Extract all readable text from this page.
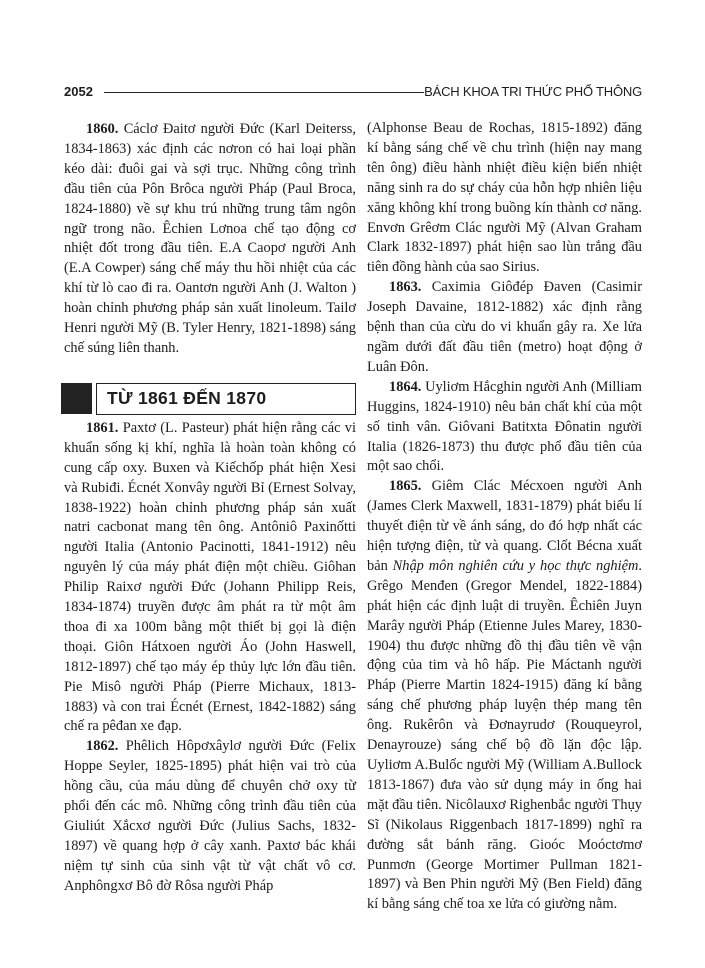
2052	BÁCH KHOA TRI THỨC PHỔ THÔNG

1860. Cáclơ Đaitơ người Đức (Karl Deiterss, 1834-1863) xác định các nơron có hai loại phần kéo dài: đuôi gai và sợi trục. Những công trình đầu tiên của Pôn Brôca người Pháp (Paul Broca, 1824-1880) về sự khu trú những trung tâm ngôn ngữ trong não. Êchien Lơnoa chế tạo động cơ nhiệt đốt trong đầu tiên. E.A Caopơ người Anh (E.A Cowper) sáng chế máy thu hồi nhiệt của các khí từ lò cao đi ra. Oantơn người Anh (J. Walton ) hoàn chỉnh phương pháp sản xuất linoleum. Tailơ Henri người Mỹ (B. Tyler Henry, 1821-1898) sáng chế súng liên thanh.

TỪ 1861 ĐẾN 1870

1861. Paxtơ (L. Pasteur) phát hiện rằng các vi khuẩn sống kị khí, nghĩa là hoàn toàn không có cung cấp oxy. Buxen và Kiếchốp phát hiện Xesi và Rubiđi. Écnét Xonvây người Bỉ (Ernest Solvay, 1838-1922) hoàn chỉnh phương pháp sản xuất natri cacbonat mang tên ông. Antôniô Paxinốtti người Italia (Antonio Pacinotti, 1841-1912) nêu nguyên lý của máy phát điện một chiều. Giôhan Philip Raixơ người Đức (Johann Philipp Reis, 1834-1874) truyền được âm phát ra từ một âm thoa đi xa 100m bằng một thiết bị gọi là điện thoại. Giôn Hátxoen người Áo (John Haswell, 1812-1897) chế tạo máy ép thủy lực lớn đầu tiên. Pie Misô người Pháp (Pierre Michaux, 1813-1883) và con trai Écnét (Ernest, 1842-1882) sáng chế ra pêđan xe đạp.

1862. Phêlich Hôpơxâylơ người Đức (Felix Hoppe Seyler, 1825-1895) phát hiện vai trò của hồng cầu, của máu dùng để chuyên chở oxy từ phổi đến các mô. Những công trình đầu tiên của Giuliút Xắcxơ người Đức (Julius Sachs, 1832-1897) về quang hợp ở cây xanh. Paxtơ bác khái niệm tự sinh của sinh vật từ vật chất vô cơ. Anphôngxơ Bô đờ Rôsa người Pháp

(Alphonse Beau de Rochas, 1815-1892) đăng kí bằng sáng chế về chu trình (hiện nay mang tên ông) điều hành nhiệt điều kiện biến nhiệt năng sinh ra do sự cháy của hỗn hợp nhiên liệu xăng không khí trong buồng kín thành cơ năng. Envơn Grêơm Clác người Mỹ (Alvan Graham Clark 1832-1897) phát hiện sao lùn trắng đầu tiên đồng hành của sao Sirius.

1863. Caximia Giôđép Đaven (Casimir Joseph Davaine, 1812-1882) xác định rằng bệnh than của cừu do vi khuẩn gây ra. Xe lửa ngầm dưới đất đầu tiên (metro) hoạt động ở Luân Đôn.

1864. Uyliơm Hắcghin người Anh (Milliam Huggins, 1824-1910) nêu bản chất khí của một số tinh vân. Giôvani Batitxta Đônatin người Italia (1826-1873) thu được phổ đầu tiên của một sao chổi.

1865. Giêm Clác Mécxoen người Anh (James Clerk Maxwell, 1831-1879) phát biểu lí thuyết điện từ về ánh sáng, do đó hợp nhất các hiện tượng điện, từ và quang. Clốt Bécna xuất bản Nhập môn nghiên cứu y học thực nghiệm. Grêgo Menđen (Gregor Mendel, 1822-1884) phát hiện các định luật di truyền. Êchiên Juyn Marây người Pháp (Etienne Jules Marey, 1830-1904) thu được những đồ thị đầu tiên về vận động của tim và hô hấp. Pie Máctanh người Pháp (Pierre Martin 1824-1915) đăng kí bằng sáng chế phương pháp luyện thép mang tên ông. Rukêrôn và Đơnayrudơ (Rouqueyrol, Denayrouze) sáng chế bộ đồ lặn độc lập. Uyliơm A.Bulốc người Mỹ (William A.Bullock 1813-1867) đưa vào sử dụng máy in ống hai mặt đầu tiên. Nicôlauxơ Righenbắc người Thụy Sĩ (Nikolaus Riggenbach 1817-1899) nghĩ ra đường sắt bánh răng. Gioóc Moóctơmơ Punmơn (George Mortimer Pullman 1821-1897) và Ben Phin người Mỹ (Ben Field) đăng kí bằng sáng chế toa xe lửa có giường nằm.
